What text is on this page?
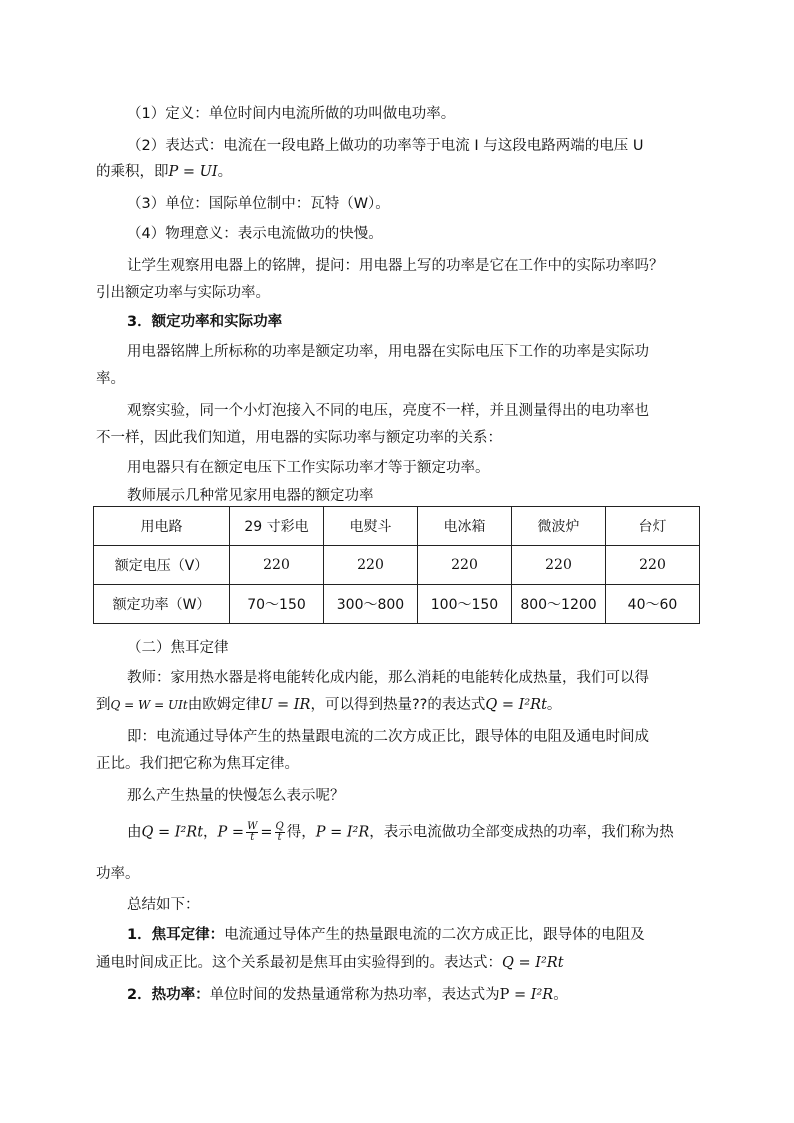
（1）定义：单位时间内电流所做的功叫做电功率。
（2）表达式：电流在一段电路上做功的功率等于电流 I 与这段电路两端的电压 U
的乘积，即P = UI。
（3）单位：国际单位制中：瓦特（W）。
（4）物理意义：表示电流做功的快慢。
让学生观察用电器上的铭牌，提问：用电器上写的功率是它在工作中的实际功率吗？
引出额定功率与实际功率。
3．额定功率和实际功率
用电器铭牌上所标称的功率是额定功率，用电器在实际电压下工作的功率是实际功
率。
观察实验，同一个小灯泡接入不同的电压，亮度不一样，并且测量得出的电功率也
不一样，因此我们知道，用电器的实际功率与额定功率的关系：
用电器只有在额定电压下工作实际功率才等于额定功率。
教师展示几种常见家用电器的额定功率
用电路	29 寸彩电	电熨斗	电冰箱	微波炉	台灯
额定电压（V）	220	220	220	220	220
额定功率（W）	70～150	300～800	100～150	800～1200	40～60
（二）焦耳定律
教师：家用热水器是将电能转化成内能，那么消耗的电能转化成热量，我们可以得
到Q = W = UIt由欧姆定律U = IR，可以得到热量??的表达式Q = I²Rt。
即：电流通过导体产生的热量跟电流的二次方成正比，跟导体的电阻及通电时间成
正比。我们把它称为焦耳定律。
那么产生热量的快慢怎么表示呢？
由Q = I²Rt，$P = \frac{W}{t} = \frac{Q}{t}$ 得，P = I²R，表示电流做功全部变成热的功率，我们称为热
功率。
总结如下：
1．焦耳定律：电流通过导体产生的热量跟电流的二次方成正比，跟导体的电阻及
通电时间成正比。这个关系最初是焦耳由实验得到的。表达式：Q = I²Rt
2．热功率：单位时间的发热量通常称为热功率，表达式为P = I²R。
